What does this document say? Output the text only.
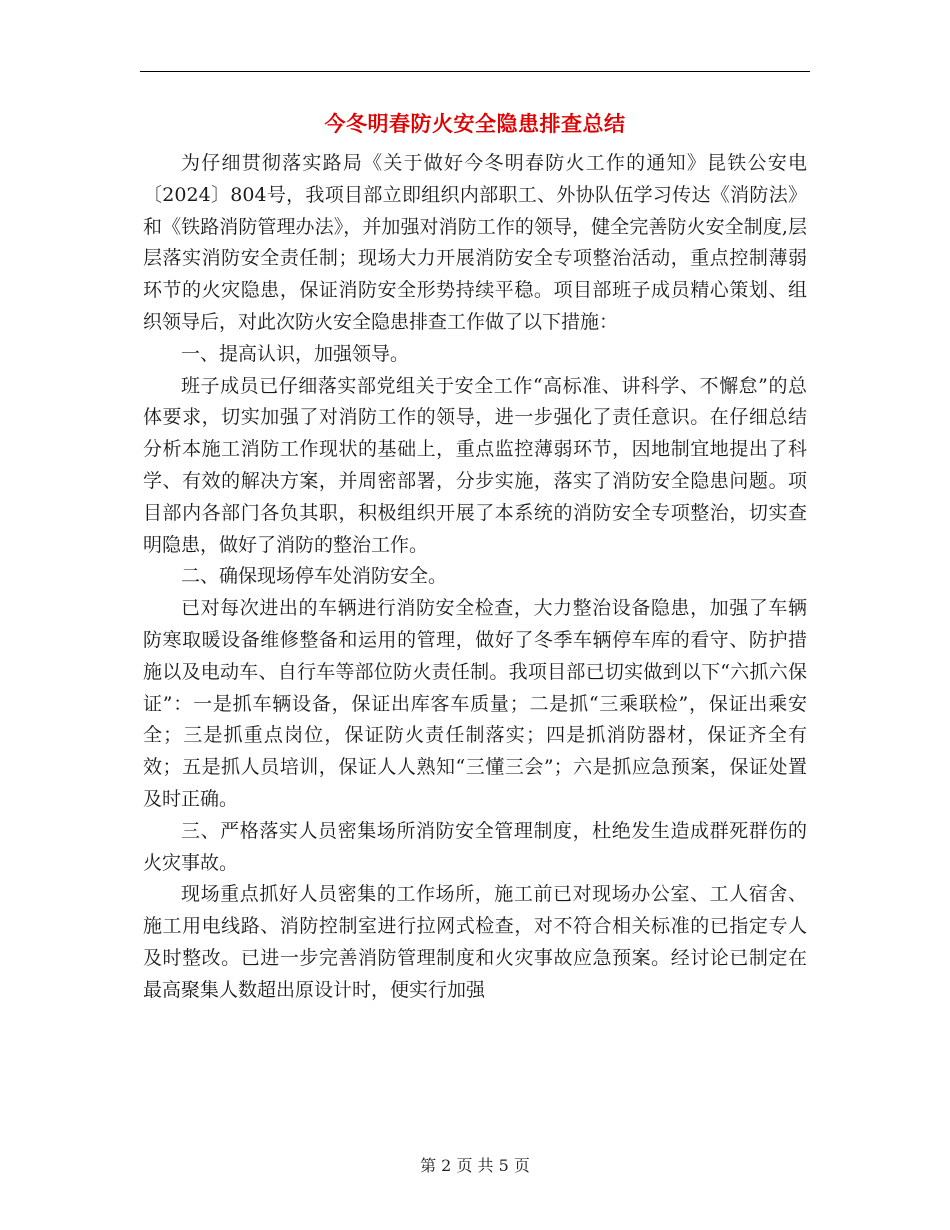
今冬明春防火安全隐患排查总结

为仔细贯彻落实路局《关于做好今冬明春防火工作的通知》昆铁公安电〔2024〕804号，我项目部立即组织内部职工、外协队伍学习传达《消防法》和《铁路消防管理办法》，并加强对消防工作的领导，健全完善防火安全制度,层层落实消防安全责任制；现场大力开展消防安全专项整治活动，重点控制薄弱环节的火灾隐患，保证消防安全形势持续平稳。项目部班子成员精心策划、组织领导后，对此次防火安全隐患排查工作做了以下措施：

一、提高认识，加强领导。

班子成员已仔细落实部党组关于安全工作“高标准、讲科学、不懈怠”的总体要求，切实加强了对消防工作的领导，进一步强化了责任意识。在仔细总结分析本施工消防工作现状的基础上，重点监控薄弱环节，因地制宜地提出了科学、有效的解决方案，并周密部署，分步实施，落实了消防安全隐患问题。项目部内各部门各负其职，积极组织开展了本系统的消防安全专项整治，切实查明隐患，做好了消防的整治工作。

二、确保现场停车处消防安全。

已对每次进出的车辆进行消防安全检查，大力整治设备隐患，加强了车辆防寒取暖设备维修整备和运用的管理，做好了冬季车辆停车库的看守、防护措施以及电动车、自行车等部位防火责任制。我项目部已切实做到以下“六抓六保证”：一是抓车辆设备，保证出库客车质量；二是抓“三乘联检”，保证出乘安全；三是抓重点岗位，保证防火责任制落实；四是抓消防器材，保证齐全有效；五是抓人员培训，保证人人熟知“三懂三会”；六是抓应急预案，保证处置及时正确。

三、严格落实人员密集场所消防安全管理制度，杜绝发生造成群死群伤的火灾事故。

现场重点抓好人员密集的工作场所，施工前已对现场办公室、工人宿舍、施工用电线路、消防控制室进行拉网式检查，对不符合相关标准的已指定专人及时整改。已进一步完善消防管理制度和火灾事故应急预案。经讨论已制定在最高聚集人数超出原设计时，便实行加强

第 2 页 共 5 页
